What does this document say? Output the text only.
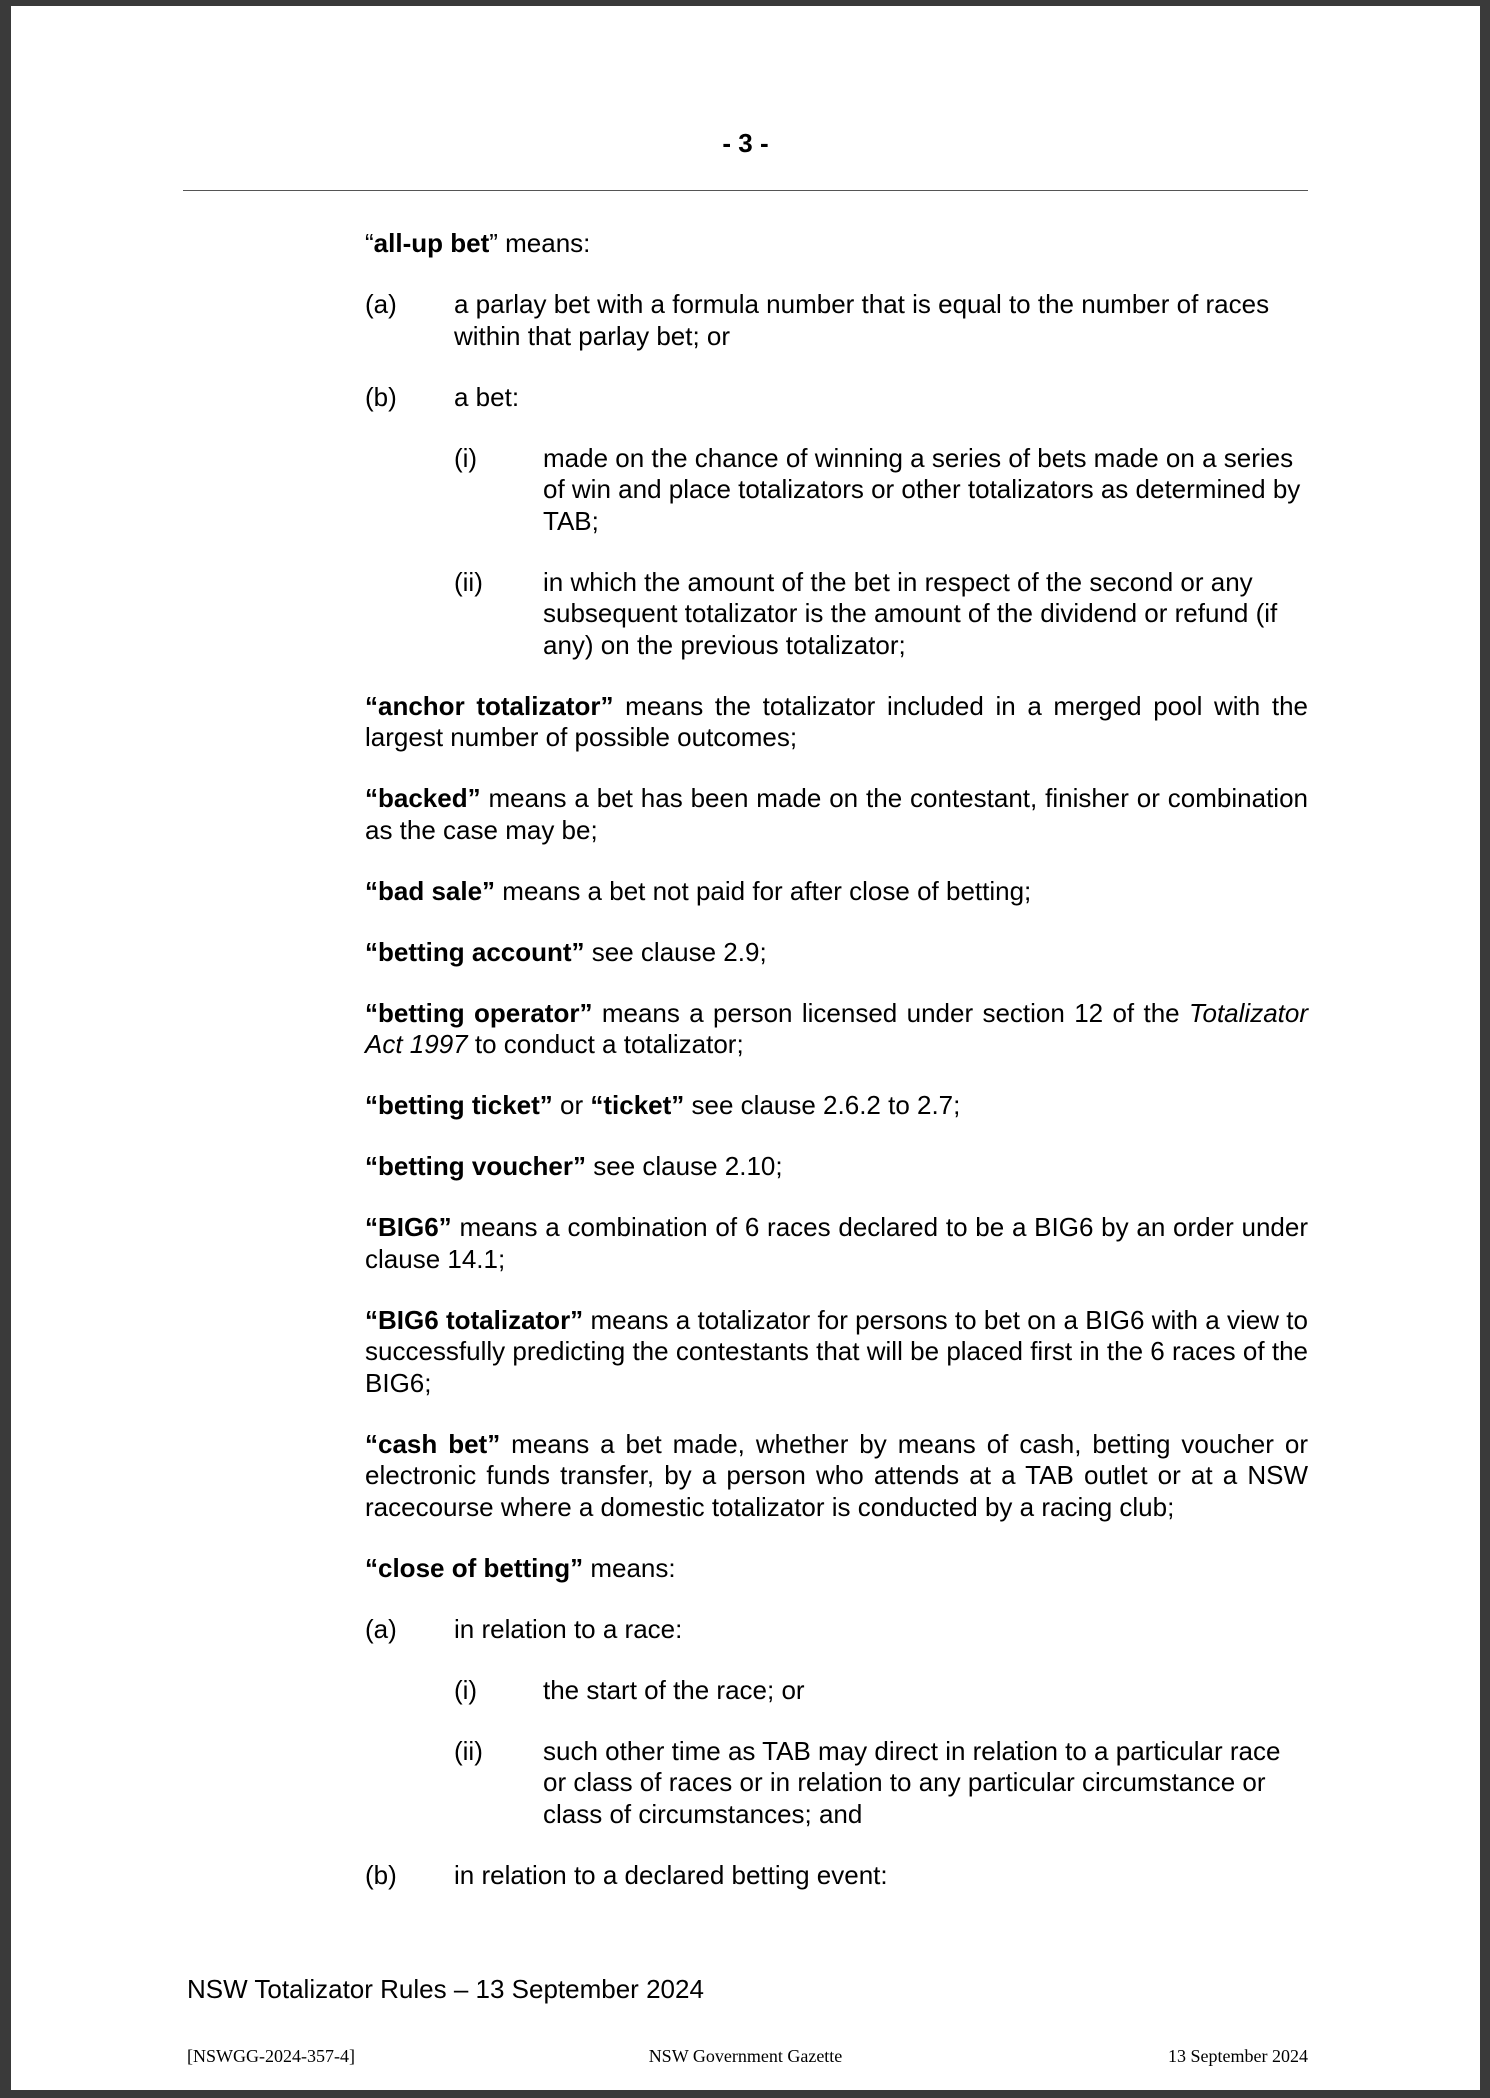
- 3 -

“all-up bet” means:

(a)	a parlay bet with a formula number that is equal to the number of races within that parlay bet; or
(b)	a bet:
(i)	made on the chance of winning a series of bets made on a series of win and place totalizators or other totalizators as determined by TAB;
(ii)	in which the amount of the bet in respect of the second or any subsequent totalizator is the amount of the dividend or refund (if any) on the previous totalizator;

“anchor totalizator” means the totalizator included in a merged pool with the largest number of possible outcomes;

“backed” means a bet has been made on the contestant, finisher or combination as the case may be;

“bad sale” means a bet not paid for after close of betting;

“betting account” see clause 2.9;

“betting operator” means a person licensed under section 12 of the Totalizator Act 1997 to conduct a totalizator;

“betting ticket” or “ticket” see clause 2.6.2 to 2.7;

“betting voucher” see clause 2.10;

“BIG6” means a combination of 6 races declared to be a BIG6 by an order under clause 14.1;

“BIG6 totalizator” means a totalizator for persons to bet on a BIG6 with a view to successfully predicting the contestants that will be placed first in the 6 races of the BIG6;

“cash bet” means a bet made, whether by means of cash, betting voucher or electronic funds transfer, by a person who attends at a TAB outlet or at a NSW racecourse where a domestic totalizator is conducted by a racing club;

“close of betting” means:

(a)	in relation to a race:
(i)	the start of the race; or
(ii)	such other time as TAB may direct in relation to a particular race or class of races or in relation to any particular circumstance or class of circumstances; and
(b)	in relation to a declared betting event:
NSW Totalizator Rules – 13 September 2024
[NSWGG-2024-357-4]	NSW Government Gazette	13 September 2024
